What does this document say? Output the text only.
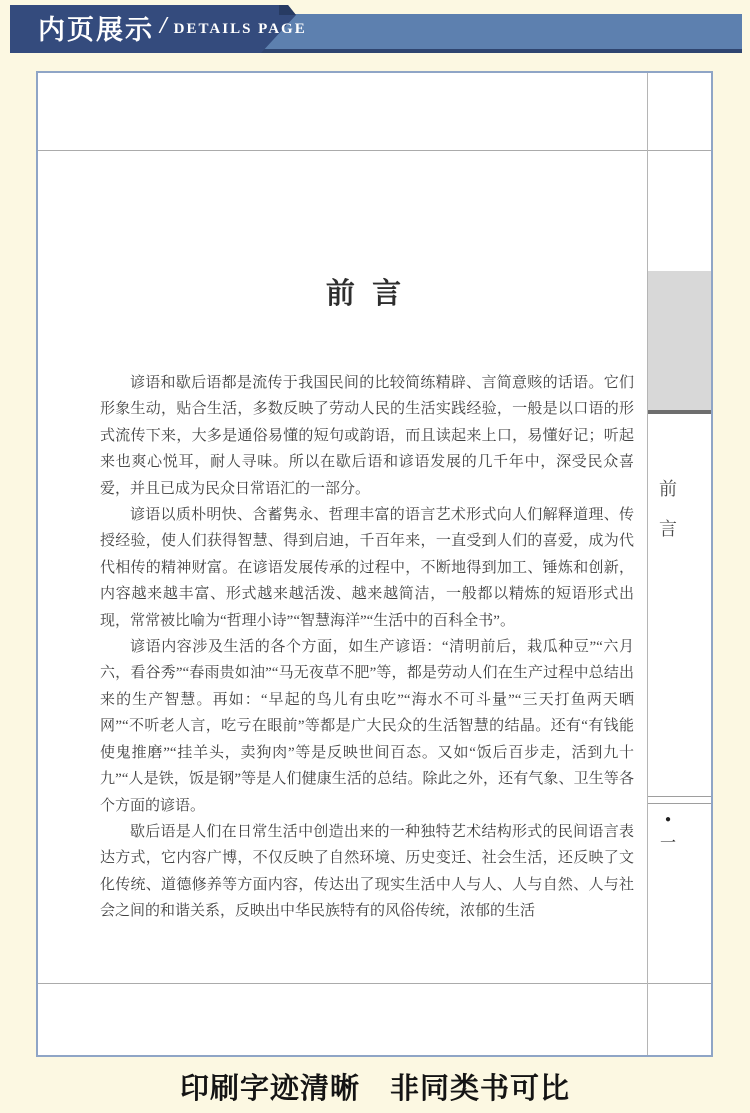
内页展示 / DETAILS PAGE
前
言
●
一
前 言

谚语和歇后语都是流传于我国民间的比较简练精辟、言简意赅的话语。它们形象生动，贴合生活，多数反映了劳动人民的生活实践经验，一般是以口语的形式流传下来，大多是通俗易懂的短句或韵语，而且读起来上口，易懂好记；听起来也爽心悦耳，耐人寻味。所以在歇后语和谚语发展的几千年中，深受民众喜爱，并且已成为民众日常语汇的一部分。

谚语以质朴明快、含蓄隽永、哲理丰富的语言艺术形式向人们解释道理、传授经验，使人们获得智慧、得到启迪，千百年来，一直受到人们的喜爱，成为代代相传的精神财富。在谚语发展传承的过程中，不断地得到加工、锤炼和创新，内容越来越丰富、形式越来越活泼、越来越简洁，一般都以精炼的短语形式出现，常常被比喻为“哲理小诗”“智慧海洋”“生活中的百科全书”。

谚语内容涉及生活的各个方面，如生产谚语：“清明前后，栽瓜种豆”“六月六，看谷秀”“春雨贵如油”“马无夜草不肥”等，都是劳动人们在生产过程中总结出来的生产智慧。再如：“早起的鸟儿有虫吃”“海水不可斗量”“三天打鱼两天晒网”“不听老人言，吃亏在眼前”等都是广大民众的生活智慧的结晶。还有“有钱能使鬼推磨”“挂羊头，卖狗肉”等是反映世间百态。又如“饭后百步走，活到九十九”“人是铁，饭是钢”等是人们健康生活的总结。除此之外，还有气象、卫生等各个方面的谚语。

歇后语是人们在日常生活中创造出来的一种独特艺术结构形式的民间语言表达方式，它内容广博，不仅反映了自然环境、历史变迁、社会生活，还反映了文化传统、道德修养等方面内容，传达出了现实生活中人与人、人与自然、人与社会之间的和谐关系，反映出中华民族特有的风俗传统，浓郁的生活

印刷字迹清晰　非同类书可比
